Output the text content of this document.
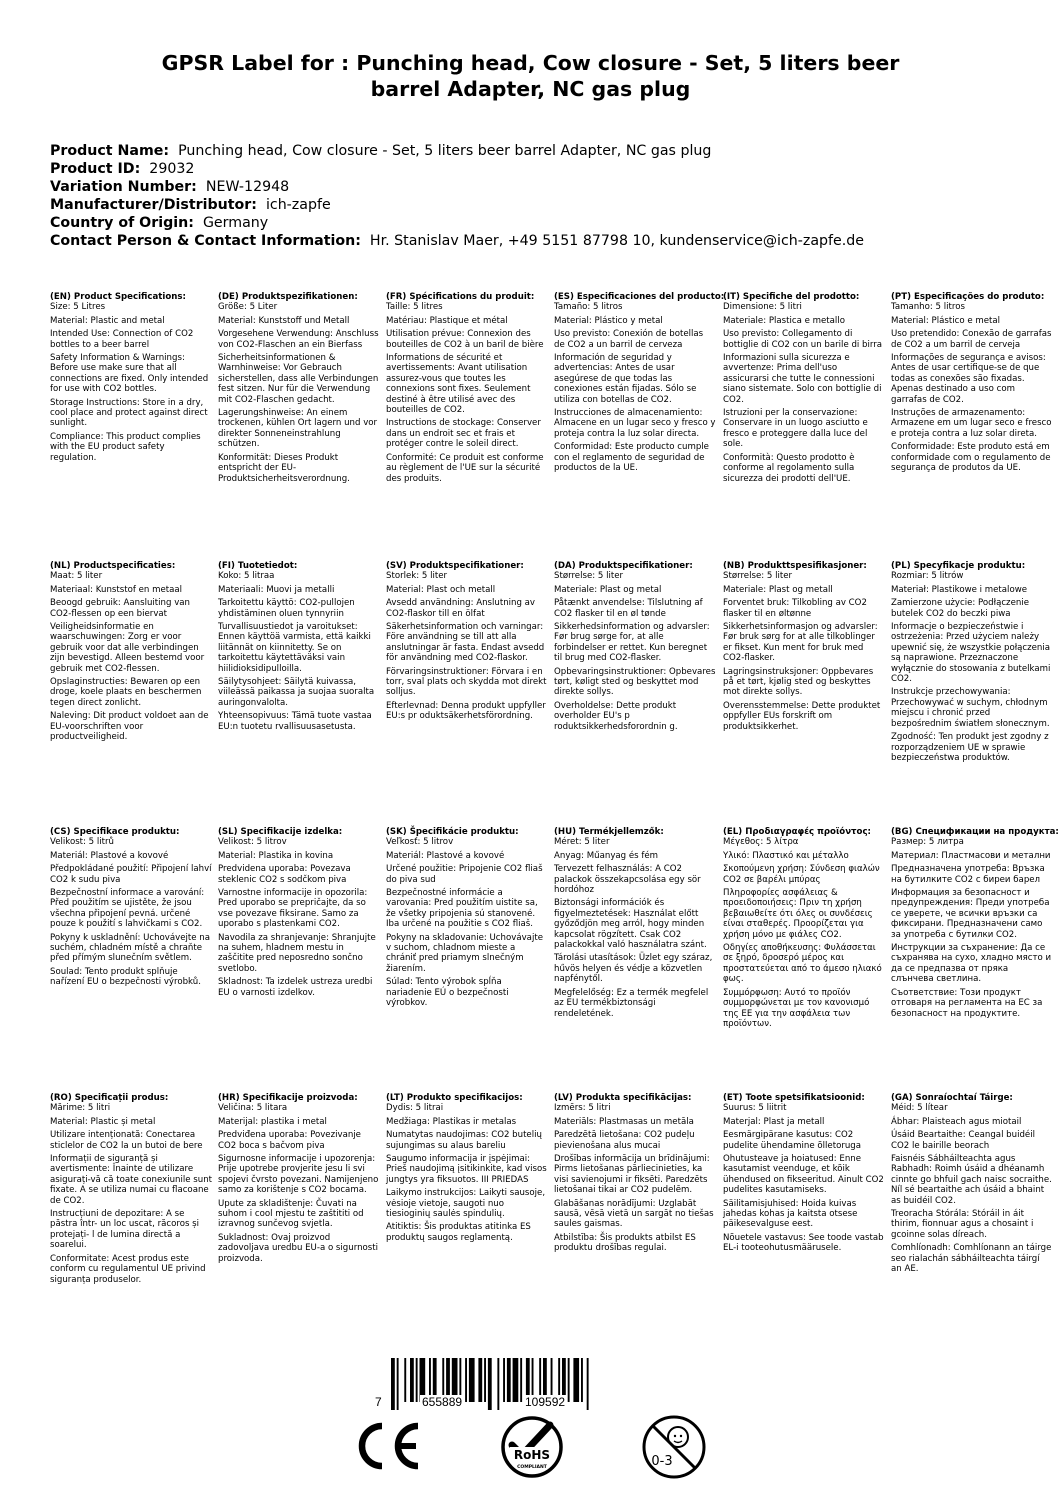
GPSR Label for : Punching head, Cow closure - Set, 5 liters beer
barrel Adapter, NC gas plug
Product Name: Punching head, Cow closure - Set, 5 liters beer barrel Adapter, NC gas plug
Product ID: 29032
Variation Number: NEW-12948
Manufacturer/Distributor: ich-zapfe
Country of Origin: Germany
Contact Person & Contact Information: Hr. Stanislav Maer, +49 5151 87798 10, kundenservice@ich-zapfe.de
(EN) Product Specifications:

Size: 5 Litres

Material: Plastic and metal

Intended Use: Connection of CO2 bottles to a beer barrel

Safety Information & Warnings: Before use make sure that all connections are fixed. Only intended for use with CO2 bottles.

Storage Instructions: Store in a dry, cool place and protect against direct sunlight.

Compliance: This product complies with the EU product safety regulation.

(DE) Produktspezifikationen:

Größe: 5 Liter

Material: Kunststoff und Metall

Vorgesehene Verwendung: Anschluss von CO2-Flaschen an ein Bierfass

Sicherheitsinformationen & Warnhinweise: Vor Gebrauch sicherstellen, dass alle Verbindungen fest sitzen. Nur für die Verwendung mit CO2-Flaschen gedacht.

Lagerungshinweise: An einem trockenen, kühlen Ort lagern und vor direkter Sonneneinstrahlung schützen.

Konformität: Dieses Produkt entspricht der EU-Produktsicherheitsverordnung.

(FR) Spécifications du produit:

Taille: 5 litres

Matériau: Plastique et métal

Utilisation prévue: Connexion des bouteilles de CO2 à un baril de bière

Informations de sécurité et avertissements: Avant utilisation assurez-vous que toutes les connexions sont fixes. Seulement destiné à être utilisé avec des bouteilles de CO2.

Instructions de stockage: Conserver dans un endroit sec et frais et protéger contre le soleil direct.

Conformité: Ce produit est conforme au règlement de l'UE sur la sécurité des produits.

(ES) Especificaciones del producto:

Tamaño: 5 litros

Material: Plástico y metal

Uso previsto: Conexión de botellas de CO2 a un barril de cerveza

Información de seguridad y advertencias: Antes de usar asegúrese de que todas las conexiones están fijadas. Sólo se utiliza con botellas de CO2.

Instrucciones de almacenamiento: Almacene en un lugar seco y fresco y proteja contra la luz solar directa.

Conformidad: Este producto cumple con el reglamento de seguridad de productos de la UE.

(IT) Specifiche del prodotto:

Dimensione: 5 litri

Materiale: Plastica e metallo

Uso previsto: Collegamento di bottiglie di CO2 con un barile di birra

Informazioni sulla sicurezza e avvertenze: Prima dell'uso assicurarsi che tutte le connessioni siano sistemate. Solo con bottiglie di CO2.

Istruzioni per la conservazione: Conservare in un luogo asciutto e fresco e proteggere dalla luce del sole.

Conformità: Questo prodotto è conforme al regolamento sulla sicurezza dei prodotti dell'UE.

(PT) Especificações do produto:

Tamanho: 5 litros

Material: Plástico e metal

Uso pretendido: Conexão de garrafas de CO2 a um barril de cerveja

Informações de segurança e avisos: Antes de usar certifique-se de que todas as conexões são fixadas. Apenas destinado a uso com garrafas de CO2.

Instruções de armazenamento: Armazene em um lugar seco e fresco e proteja contra a luz solar direta.

Conformidade: Este produto está em conformidade com o regulamento de segurança de produtos da UE.

(NL) Productspecificaties:

Maat: 5 liter

Materiaal: Kunststof en metaal

Beoogd gebruik: Aansluiting van CO2-flessen op een biervat

Veiligheidsinformatie en waarschuwingen: Zorg er voor gebruik voor dat alle verbindingen zijn bevestigd. Alleen bestemd voor gebruik met CO2-flessen.

Opslaginstructies: Bewaren op een droge, koele plaats en beschermen tegen direct zonlicht.

Naleving: Dit product voldoet aan de EU-voorschriften voor productveiligheid.

(FI) Tuotetiedot:

Koko: 5 litraa

Materiaali: Muovi ja metalli

Tarkoitettu käyttö: CO2-pullojen yhdistäminen oluen tynnyriin

Turvallisuustiedot ja varoitukset: Ennen käyttöä varmista, että kaikki liitännät on kiinnitetty. Se on tarkoitettu käytettäväksi vain hiilidioksidipulloilla.

Säilytysohjeet: Säilytä kuivassa, viileässä paikassa ja suojaa suoralta auringonvalolta.

Yhteensopivuus: Tämä tuote vastaa EU:n tuotetu rvallisuusasetusta.

(SV) Produktspecifikationer:

Storlek: 5 liter

Material: Plast och metall

Avsedd användning: Anslutning av CO2-flaskor till en ölfat

Säkerhetsinformation och varningar: Före användning se till att alla anslutningar är fasta. Endast avsedd för användning med CO2-flaskor.

Förvaringsinstruktioner: Förvara i en torr, sval plats och skydda mot direkt solljus.

Efterlevnad: Denna produkt uppfyller EU:s pr oduktsäkerhetsförordning.

(DA) Produktspecifikationer:

Størrelse: 5 liter

Materiale: Plast og metal

Påtænkt anvendelse: Tilslutning af CO2 flasker til en øl tønde

Sikkerhedsinformation og advarsler: Før brug sørge for, at alle forbindelser er rettet. Kun beregnet til brug med CO2-flasker.

Opbevaringsinstruktioner: Opbevares tørt, køligt sted og beskyttet mod direkte sollys.

Overholdelse: Dette produkt overholder EU's p roduktsikkerhedsforordnin g.

(NB) Produkttspesifikasjoner:

Størrelse: 5 liter

Materiale: Plast og metall

Forventet bruk: Tilkobling av CO2 flasker til en øltønne

Sikkerhetsinformasjon og advarsler: Før bruk sørg for at alle tilkoblinger er fikset. Kun ment for bruk med CO2-flasker.

Lagringsinstruksjoner: Oppbevares på et tørt, kjølig sted og beskyttes mot direkte sollys.

Overensstemmelse: Dette produktet oppfyller EUs forskrift om produktsikkerhet.

(PL) Specyfikacje produktu:

Rozmiar: 5 litrów

Materiał: Plastikowe i metalowe

Zamierzone użycie: Podłączenie butelek CO2 do beczki piwa

Informacje o bezpieczeństwie i ostrzeżenia: Przed użyciem należy upewnić się, że wszystkie połączenia są naprawione. Przeznaczone wyłącznie do stosowania z butelkami CO2.

Instrukcje przechowywania: Przechowywać w suchym, chłodnym miejscu i chronić przed bezpośrednim światłem słonecznym.

Zgodność: Ten produkt jest zgodny z rozporządzeniem UE w sprawie bezpieczeństwa produktów.

(CS) Specifikace produktu:

Velikost: 5 litrů

Materiál: Plastové a kovové

Předpokládané použití: Připojení lahví CO2 k sudu piva

Bezpečnostní informace a varování: Před použitím se ujistěte, že jsou všechna připojení pevná. určené pouze k použití s lahvičkami s CO2.

Pokyny k uskladnění: Uchovávejte na suchém, chladném místě a chraňte před přímým slunečním světlem.

Soulad: Tento produkt splňuje nařízení EU o bezpečnosti výrobků.

(SL) Specifikacije izdelka:

Velikost: 5 litrov

Material: Plastika in kovina

Predvidena uporaba: Povezava steklenic CO2 s sodčkom piva

Varnostne informacije in opozorila: Pred uporabo se prepričajte, da so vse povezave fiksirane. Samo za uporabo s plastenkami CO2.

Navodila za shranjevanje: Shranjujte na suhem, hladnem mestu in zaščitite pred neposredno sončno svetlobo.

Skladnost: Ta izdelek ustreza uredbi EU o varnosti izdelkov.

(SK) Špecifikácie produktu:

Veľkosť: 5 litrov

Materiál: Plastové a kovové

Určené použitie: Pripojenie CO2 fliaš do piva sud

Bezpečnostné informácie a varovania: Pred použitím uistite sa, že všetky pripojenia sú stanovené. Iba určené na použitie s CO2 fliaš.

Pokyny na skladovanie: Uchovávajte v suchom, chladnom mieste a chrániť pred priamym slnečným žiarením.

Súlad: Tento výrobok spĺňa nariadenie EÚ o bezpečnosti výrobkov.

(HU) Termékjellemzők:

Méret: 5 liter

Anyag: Műanyag és fém

Tervezett felhasználás: A CO2 palackok összekapcsolása egy sör hordóhoz

Biztonsági információk és figyelmeztetések: Használat előtt győződjön meg arról, hogy minden kapcsolat rögzített. Csak CO2 palackokkal való használatra szánt.

Tárolási utasítások: Üzlet egy száraz, hűvös helyen és védje a közvetlen napfénytől.

Megfelelőség: Ez a termék megfelel az EU termékbiztonsági rendeletének.

(EL) Προδιαγραφές προϊόντος:

Μέγεθος: 5 λίτρα

Υλικό: Πλαστικό και μέταλλο

Σκοπούμενη χρήση: Σύνδεση φιαλών CO2 σε βαρέλι μπύρας

Πληροφορίες ασφάλειας & προειδοποιήσεις: Πριν τη χρήση βεβαιωθείτε ότι όλες οι συνδέσεις είναι σταθερές. Προορίζεται για χρήση μόνο με φιάλες CO2.

Οδηγίες αποθήκευσης: Φυλάσσεται σε ξηρό, δροσερό μέρος και προστατεύεται από το άμεσο ηλιακό φως.

Συμμόρφωση: Αυτό το προϊόν συμμορφώνεται με τον κανονισμό της ΕΕ για την ασφάλεια των προϊόντων.

(BG) Спецификации на продукта:

Размер: 5 литра

Материал: Пластмасови и метални

Предназначена употреба: Връзка на бутилките CO2 с биреи барел

Информация за безопасност и предупреждения: Преди употреба се уверете, че всички връзки са фиксирани. Предназначени само за употреба с бутилки CO2.

Инструкции за съхранение: Да се съхранява на сухо, хладно място и да се предпазва от пряка слънчева светлина.

Съответствие: Този продукт отговаря на регламента на ЕС за безопасност на продуктите.

(RO) Specificații produs:

Mărime: 5 litri

Material: Plastic și metal

Utilizare intenționată: Conectarea sticlelor de CO2 la un butoi de bere

Informații de siguranță și avertismente: Înainte de utilizare asigurați-vă că toate conexiunile sunt fixate. A se utiliza numai cu flacoane de CO2.

Instrucțiuni de depozitare: A se păstra într- un loc uscat, răcoros și protejați- l de lumina directă a soarelui.

Conformitate: Acest produs este conform cu regulamentul UE privind siguranța produselor.

(HR) Specifikacije proizvoda:

Veličina: 5 litara

Materijal: plastika i metal

Predviđena uporaba: Povezivanje CO2 boca s bačvom piva

Sigurnosne informacije i upozorenja: Prije upotrebe provjerite jesu li svi spojevi čvrsto povezani. Namijenjeno samo za korištenje s CO2 bocama.

Upute za skladištenje: Čuvati na suhom i cool mjestu te zaštititi od izravnog sunčevog svjetla.

Sukladnost: Ovaj proizvod zadovoljava uredbu EU-a o sigurnosti proizvoda.

(LT) Produkto specifikacijos:

Dydis: 5 litrai

Medžiaga: Plastikas ir metalas

Numatytas naudojimas: CO2 butelių sujungimas su alaus bareliu

Saugumo informacija ir įspėjimai: Prieš naudojimą įsitikinkite, kad visos jungtys yra fiksuotos. III PRIEDAS

Laikymo instrukcijos: Laikyti sausoje, vėsioje vietoje, saugoti nuo tiesioginių saulės spindulių.

Atitiktis: Šis produktas atitinka ES produktų saugos reglamentą.

(LV) Produkta specifikācijas:

Izmērs: 5 litri

Materiāls: Plastmasas un metāla

Paredzētā lietošana: CO2 pudeļu pievienošana alus mucai

Drošības informācija un brīdinājumi: Pirms lietošanas pārliecinieties, ka visi savienojumi ir fiksēti. Paredzēts lietošanai tikai ar CO2 pudelēm.

Glabāšanas norādījumi: Uzglabāt sausā, vēsā vietā un sargāt no tiešas saules gaismas.

Atbilstība: Šis produkts atbilst ES produktu drošības regulai.

(ET) Toote spetsifikatsioonid:

Suurus: 5 liitrit

Materjal: Plast ja metall

Eesmärgipärane kasutus: CO2 pudelite ühendamine õlletoruga

Ohutusteave ja hoiatused: Enne kasutamist veenduge, et kõik ühendused on fikseeritud. Ainult CO2 pudelites kasutamiseks.

Säilitamisjuhised: Hoida kuivas jahedas kohas ja kaitsta otsese päikesevalguse eest.

Nõuetele vastavus: See toode vastab EL-i tooteohutusmäärusele.

(GA) Sonraíochtaí Táirge:

Méid: 5 lítear

Ábhar: Plaisteach agus miotail

Úsáid Beartaithe: Ceangal buidéil CO2 le bairille beorach

Faisnéis Sábháilteachta agus Rabhadh: Roimh úsáid a dhéanamh cinnte go bhfuil gach naisc socraithe. Níl sé beartaithe ach úsáid a bhaint as buidéil CO2.

Treoracha Stórála: Stóráil in áit thirim, fionnuar agus a chosaint i gcoinne solas díreach.

Comhlíonadh: Comhlíonann an táirge seo rialachán sábháilteachta táirgí an AE.

7	655889	109592
RoHS
COMPLIANT	0-3
